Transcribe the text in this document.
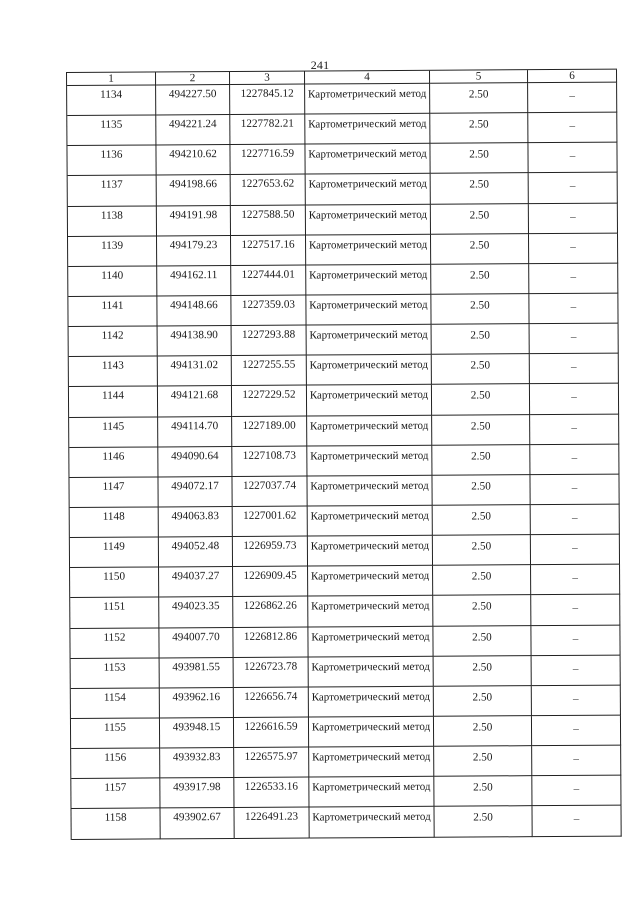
241
1	2	3	4	5	6
1134	494227.50	1227845.12	Картометрический метод	2.50	–
1135	494221.24	1227782.21	Картометрический метод	2.50	–
1136	494210.62	1227716.59	Картометрический метод	2.50	–
1137	494198.66	1227653.62	Картометрический метод	2.50	–
1138	494191.98	1227588.50	Картометрический метод	2.50	–
1139	494179.23	1227517.16	Картометрический метод	2.50	–
1140	494162.11	1227444.01	Картометрический метод	2.50	–
1141	494148.66	1227359.03	Картометрический метод	2.50	–
1142	494138.90	1227293.88	Картометрический метод	2.50	–
1143	494131.02	1227255.55	Картометрический метод	2.50	–
1144	494121.68	1227229.52	Картометрический метод	2.50	–
1145	494114.70	1227189.00	Картометрический метод	2.50	–
1146	494090.64	1227108.73	Картометрический метод	2.50	–
1147	494072.17	1227037.74	Картометрический метод	2.50	–
1148	494063.83	1227001.62	Картометрический метод	2.50	–
1149	494052.48	1226959.73	Картометрический метод	2.50	–
1150	494037.27	1226909.45	Картометрический метод	2.50	–
1151	494023.35	1226862.26	Картометрический метод	2.50	–
1152	494007.70	1226812.86	Картометрический метод	2.50	–
1153	493981.55	1226723.78	Картометрический метод	2.50	–
1154	493962.16	1226656.74	Картометрический метод	2.50	–
1155	493948.15	1226616.59	Картометрический метод	2.50	–
1156	493932.83	1226575.97	Картометрический метод	2.50	–
1157	493917.98	1226533.16	Картометрический метод	2.50	–
1158	493902.67	1226491.23	Картометрический метод	2.50	–
